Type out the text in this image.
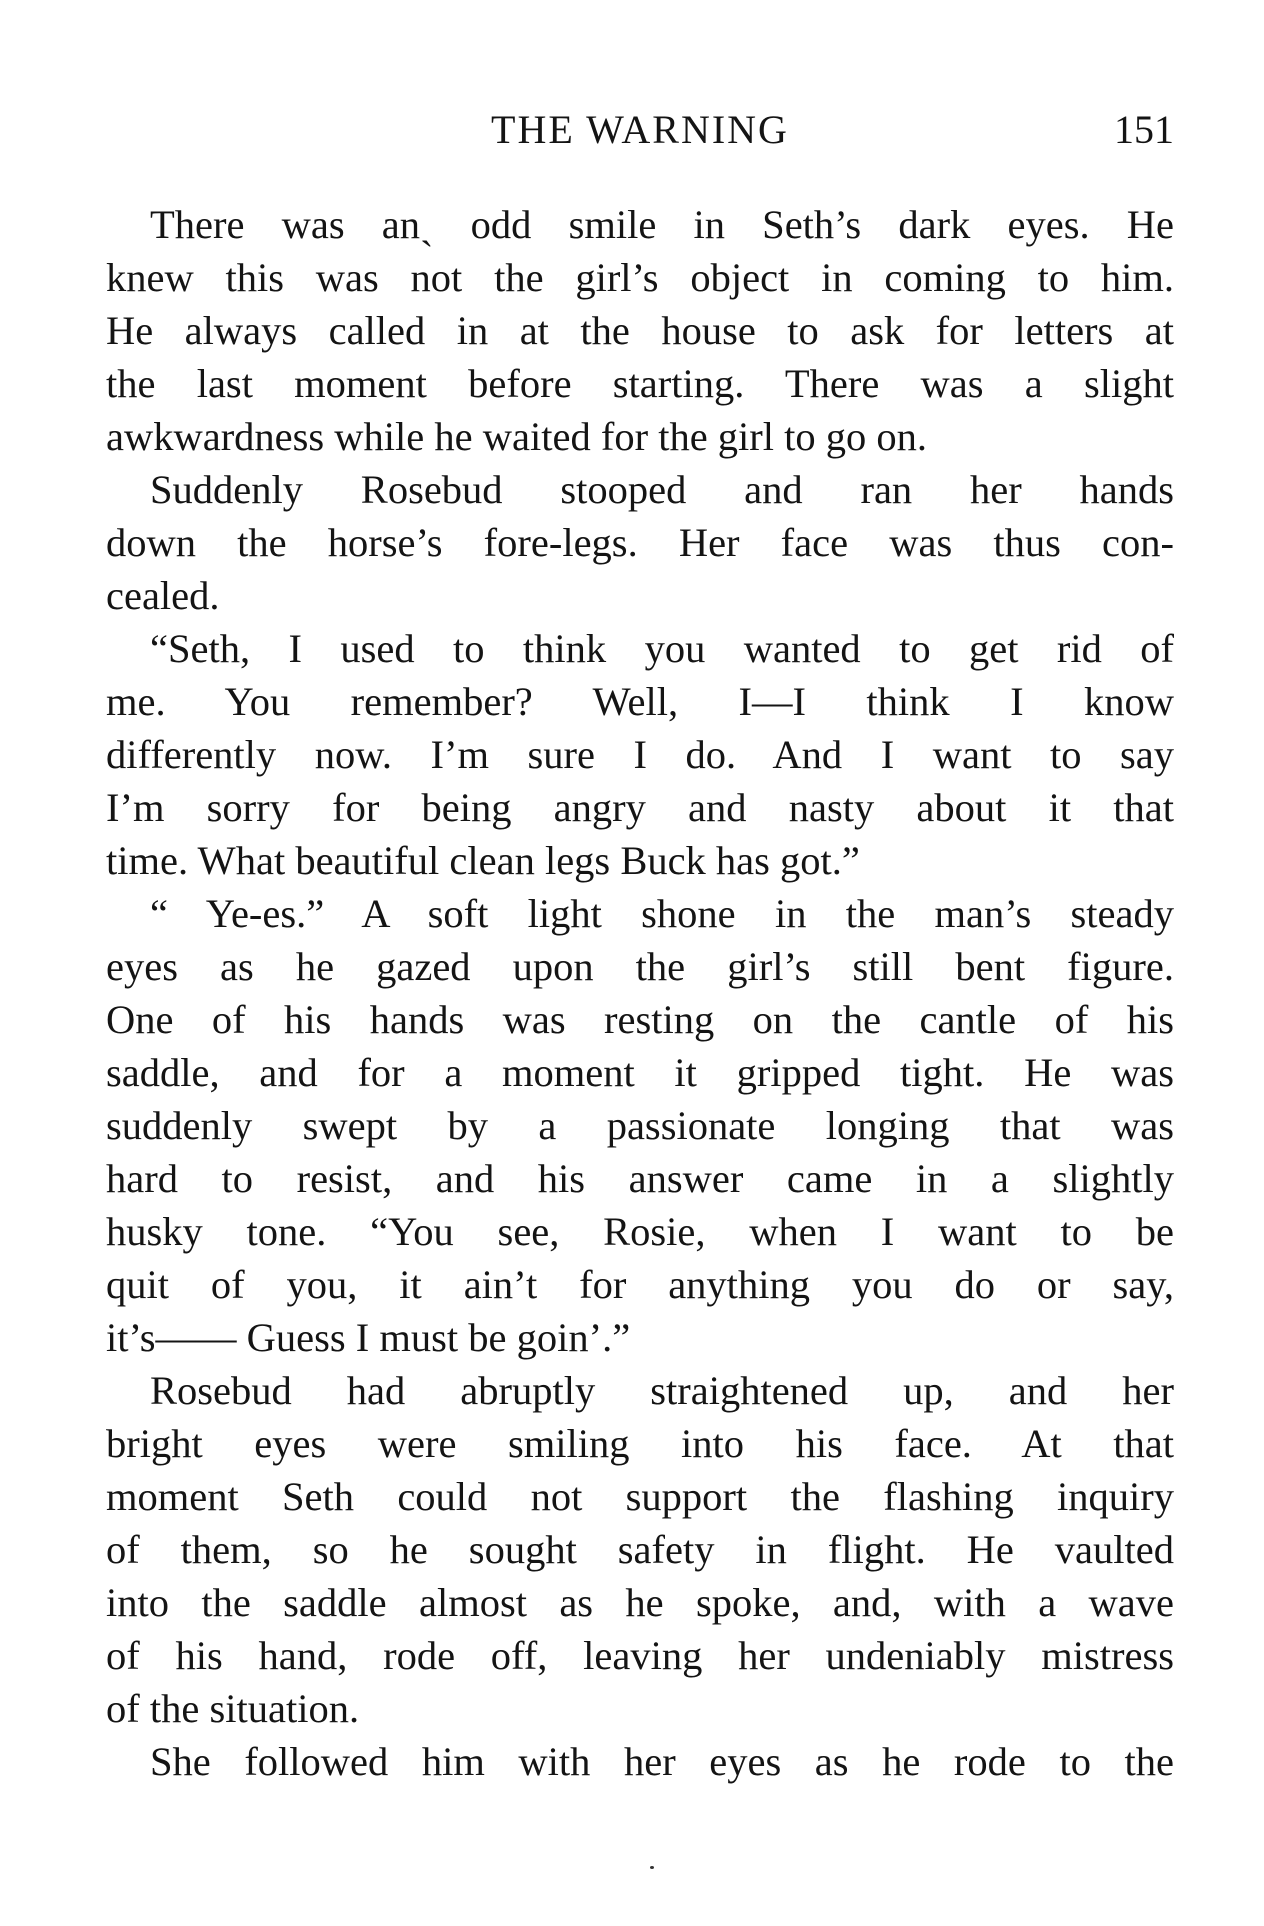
THE WARNING	151
There was anˎ odd smile in Seth’s dark eyes. He
knew this was not the girl’s object in coming to him.
He always called in at the house to ask for letters at
the last moment before starting. There was a slight
awkwardness while he waited for the girl to go on.
Suddenly Rosebud stooped and ran her hands
down the horse’s fore-legs. Her face was thus con-
cealed.
“Seth, I used to think you wanted to get rid of
me. You remember? Well, I—I think I know
differently now. I’m sure I do. And I want to say
I’m sorry for being angry and nasty about it that
time. What beautiful clean legs Buck has got.”
“ Ye-es.” A soft light shone in the man’s steady
eyes as he gazed upon the girl’s still bent figure.
One of his hands was resting on the cantle of his
saddle, and for a moment it gripped tight. He was
suddenly swept by a passionate longing that was
hard to resist, and his answer came in a slightly
husky tone. “You see, Rosie, when I want to be
quit of you, it ain’t for anything you do or say,
it’s—— Guess I must be goin’.”
Rosebud had abruptly straightened up, and her
bright eyes were smiling into his face. At that
moment Seth could not support the flashing inquiry
of them, so he sought safety in flight. He vaulted
into the saddle almost as he spoke, and, with a wave
of his hand, rode off, leaving her undeniably mistress
of the situation.
She followed him with her eyes as he rode to the
